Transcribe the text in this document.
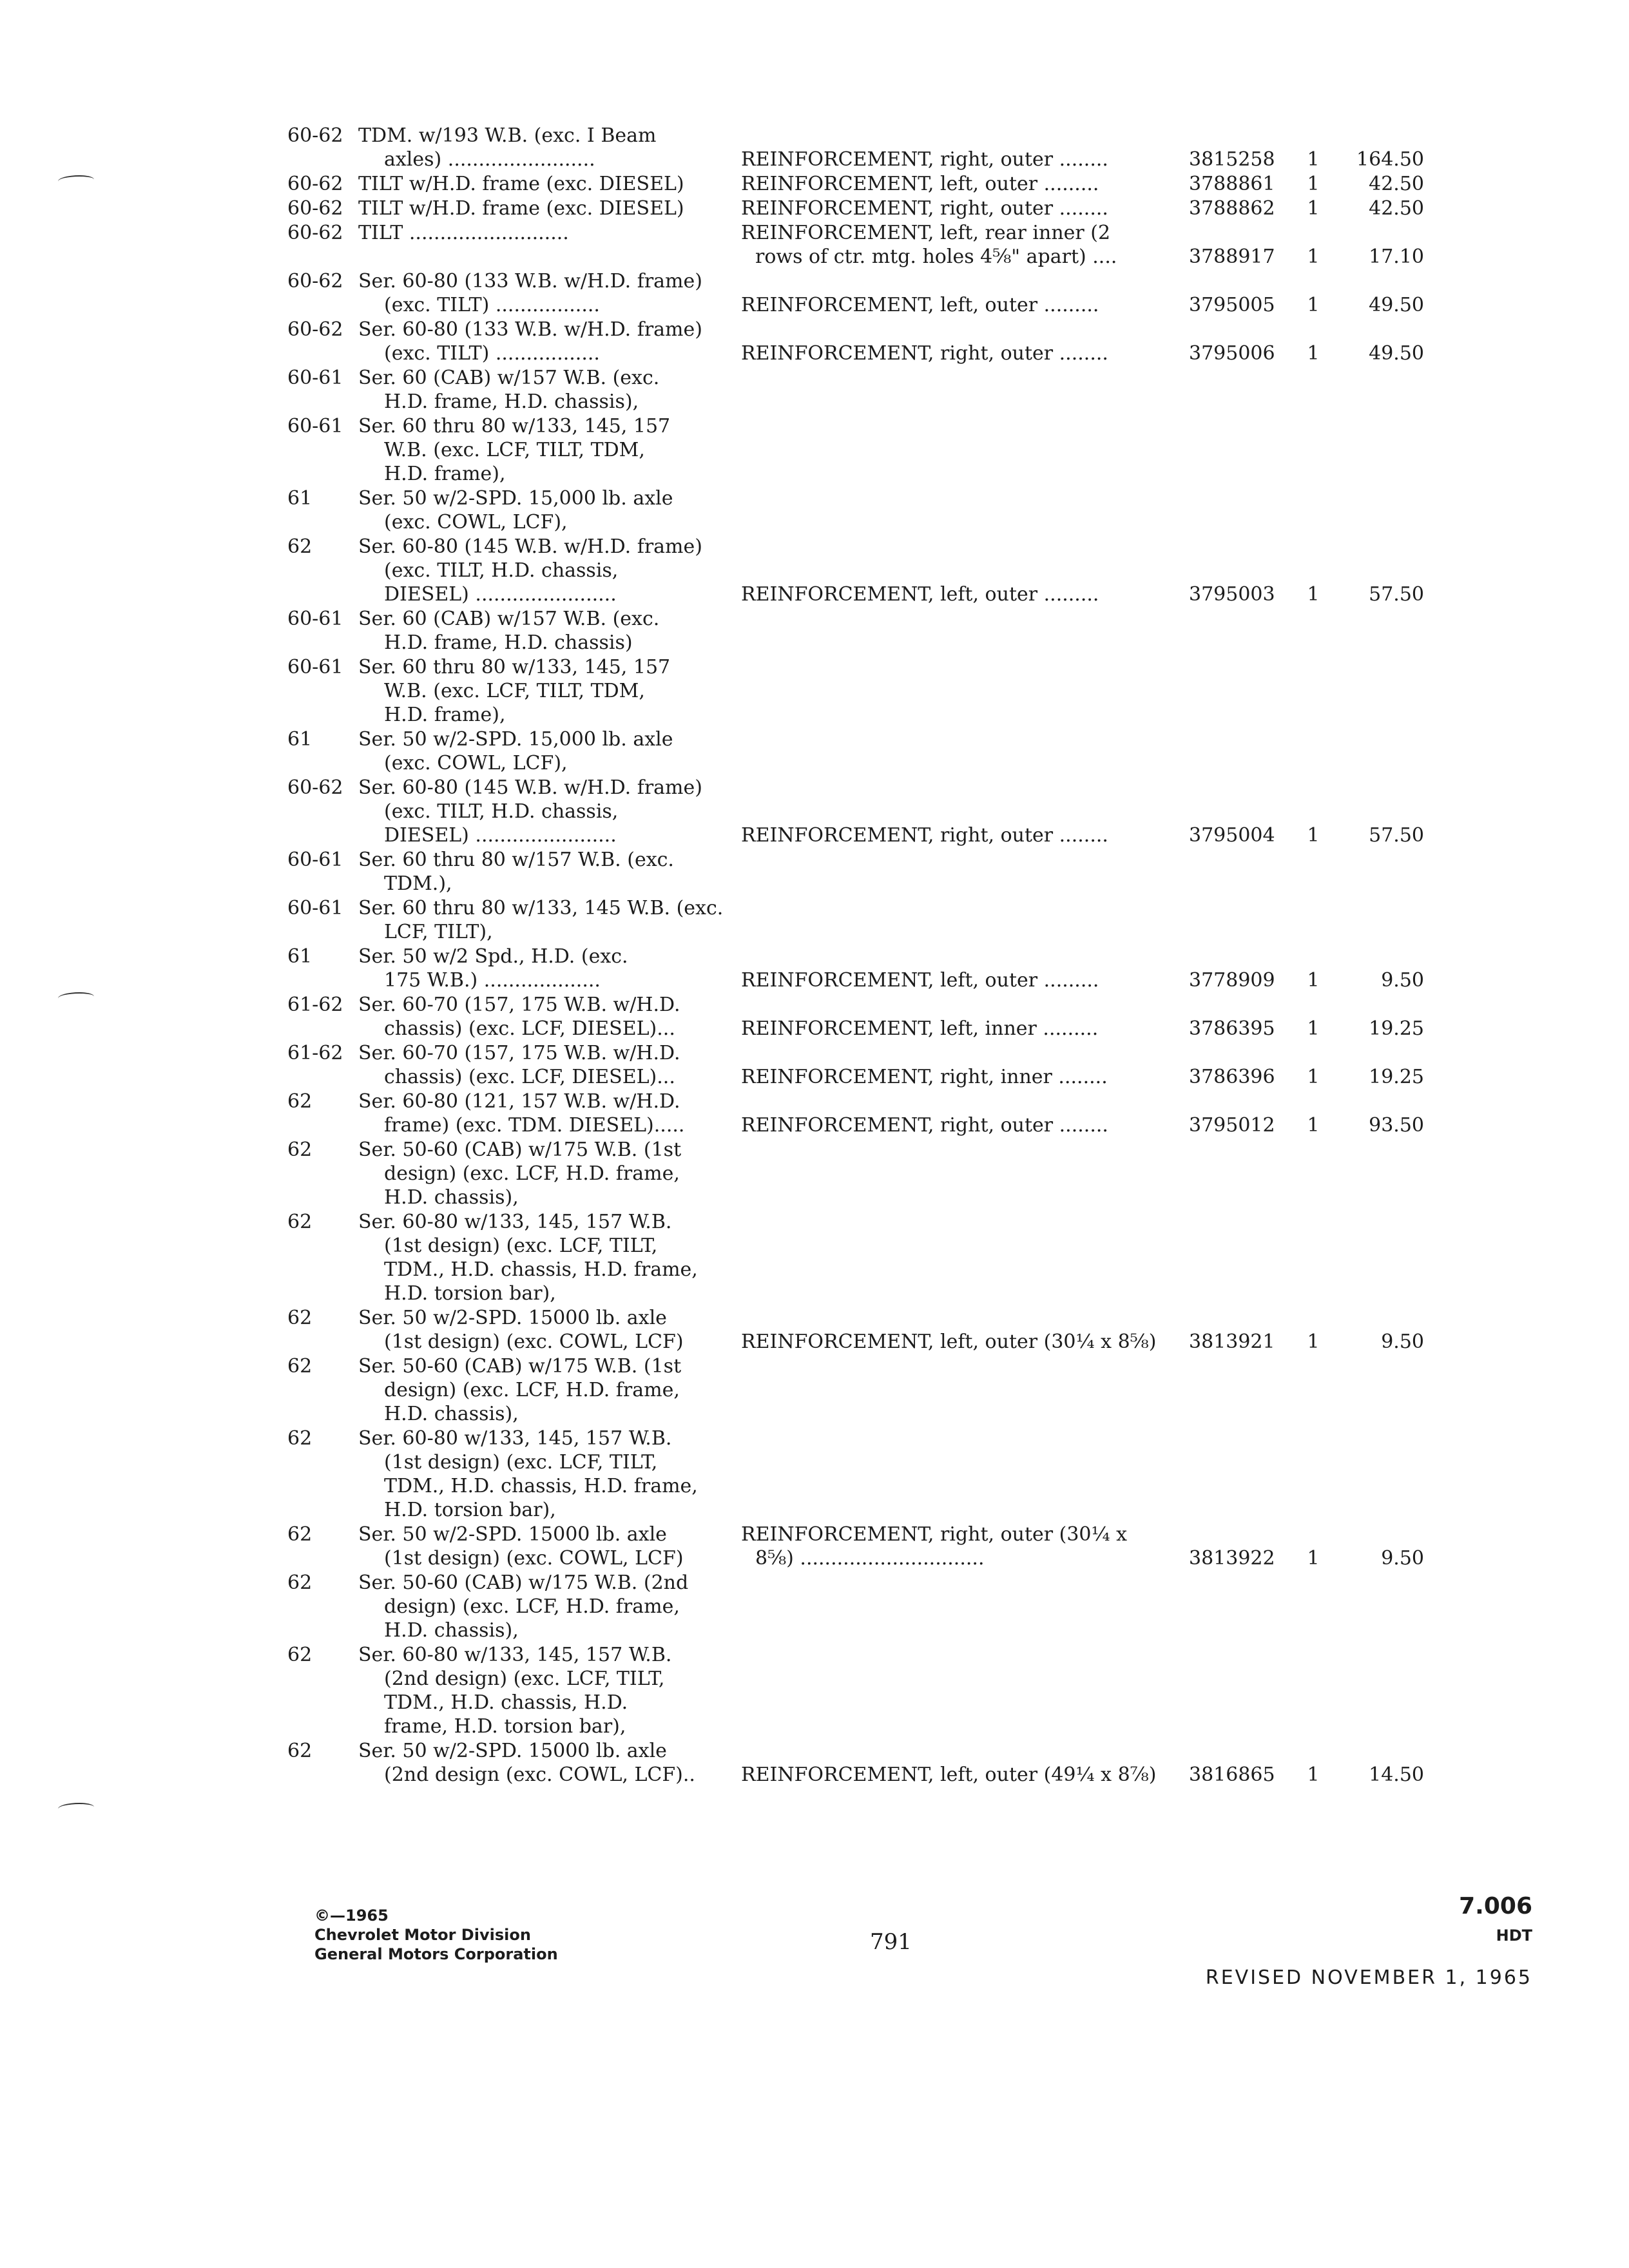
60-62 TDM. w/193 W.B. (exc. I Beam
axles) ........................
	REINFORCEMENT, right, outer ........	3815258	1	164.50
60-62 TILT w/H.D. frame (exc. DIESEL)	REINFORCEMENT, left, outer .........	3788861	1	42.50
60-62 TILT w/H.D. frame (exc. DIESEL)	REINFORCEMENT, right, outer ........	3788862	1	42.50
60-62 TILT ..........................	REINFORCEMENT, left, rear inner (2
rows of ctr. mtg. holes 4⅝" apart) ....	3788917	1	17.10
60-62 Ser. 60-80 (133 W.B. w/H.D. frame)
(exc. TILT) .................
	REINFORCEMENT, left, outer .........	3795005	1	49.50
60-62 Ser. 60-80 (133 W.B. w/H.D. frame)
(exc. TILT) .................
	REINFORCEMENT, right, outer ........	3795006	1	49.50
60-61 Ser. 60 (CAB) w/157 W.B. (exc.
H.D. frame, H.D. chassis),
60-61 Ser. 60 thru 80 w/133, 145, 157
W.B. (exc. LCF, TILT, TDM,
H.D. frame),
61 Ser. 50 w/2-SPD. 15,000 lb. axle
(exc. COWL, LCF),
62 Ser. 60-80 (145 W.B. w/H.D. frame)
(exc. TILT, H.D. chassis,
DIESEL) .......................

	REINFORCEMENT, left, outer .........	3795003	1	57.50
60-61 Ser. 60 (CAB) w/157 W.B. (exc.
H.D. frame, H.D. chassis)
60-61 Ser. 60 thru 80 w/133, 145, 157
W.B. (exc. LCF, TILT, TDM,
H.D. frame),
61 Ser. 50 w/2-SPD. 15,000 lb. axle
(exc. COWL, LCF),
60-62 Ser. 60-80 (145 W.B. w/H.D. frame)
(exc. TILT, H.D. chassis,
DIESEL) .......................

	REINFORCEMENT, right, outer ........	3795004	1	57.50
60-61 Ser. 60 thru 80 w/157 W.B. (exc.
TDM.),
60-61 Ser. 60 thru 80 w/133, 145 W.B. (exc.
LCF, TILT),
61 Ser. 50 w/2 Spd., H.D. (exc.
175 W.B.) ...................
	REINFORCEMENT, left, outer .........	3778909	1	9.50
61-62 Ser. 60-70 (157, 175 W.B. w/H.D.
chassis) (exc. LCF, DIESEL)...
	REINFORCEMENT, left, inner .........	3786395	1	19.25
61-62 Ser. 60-70 (157, 175 W.B. w/H.D.
chassis) (exc. LCF, DIESEL)...
	REINFORCEMENT, right, inner ........	3786396	1	19.25
62 Ser. 60-80 (121, 157 W.B. w/H.D.
frame) (exc. TDM. DIESEL).....
	REINFORCEMENT, right, outer ........	3795012	1	93.50
62 Ser. 50-60 (CAB) w/175 W.B. (1st
design) (exc. LCF, H.D. frame,
H.D. chassis),
62 Ser. 60-80 w/133, 145, 157 W.B.
(1st design) (exc. LCF, TILT,
TDM., H.D. chassis, H.D. frame,
H.D. torsion bar),
62 Ser. 50 w/2-SPD. 15000 lb. axle
(1st design) (exc. COWL, LCF)
	REINFORCEMENT, left, outer (30¼ x 8⅝)	3813921	1	9.50
62 Ser. 50-60 (CAB) w/175 W.B. (1st
design) (exc. LCF, H.D. frame,
H.D. chassis),
62 Ser. 60-80 w/133, 145, 157 W.B.
(1st design) (exc. LCF, TILT,
TDM., H.D. chassis, H.D. frame,
H.D. torsion bar),
62 Ser. 50 w/2-SPD. 15000 lb. axle
(1st design) (exc. COWL, LCF)
REINFORCEMENT, right, outer (30¼ x
8⅝) ..............................	3813922	1	9.50
62 Ser. 50-60 (CAB) w/175 W.B. (2nd
design) (exc. LCF, H.D. frame,
H.D. chassis),
62 Ser. 60-80 w/133, 145, 157 W.B.
(2nd design) (exc. LCF, TILT,
TDM., H.D. chassis, H.D.
frame, H.D. torsion bar),
62 Ser. 50 w/2-SPD. 15000 lb. axle
(2nd design (exc. COWL, LCF)..
	REINFORCEMENT, left, outer (49¼ x 8⅞)	3816865	1	14.50
©—1965
Chevrolet Motor Division
General Motors Corporation	791
7.006
HDT
REVISED NOVEMBER 1, 1965
